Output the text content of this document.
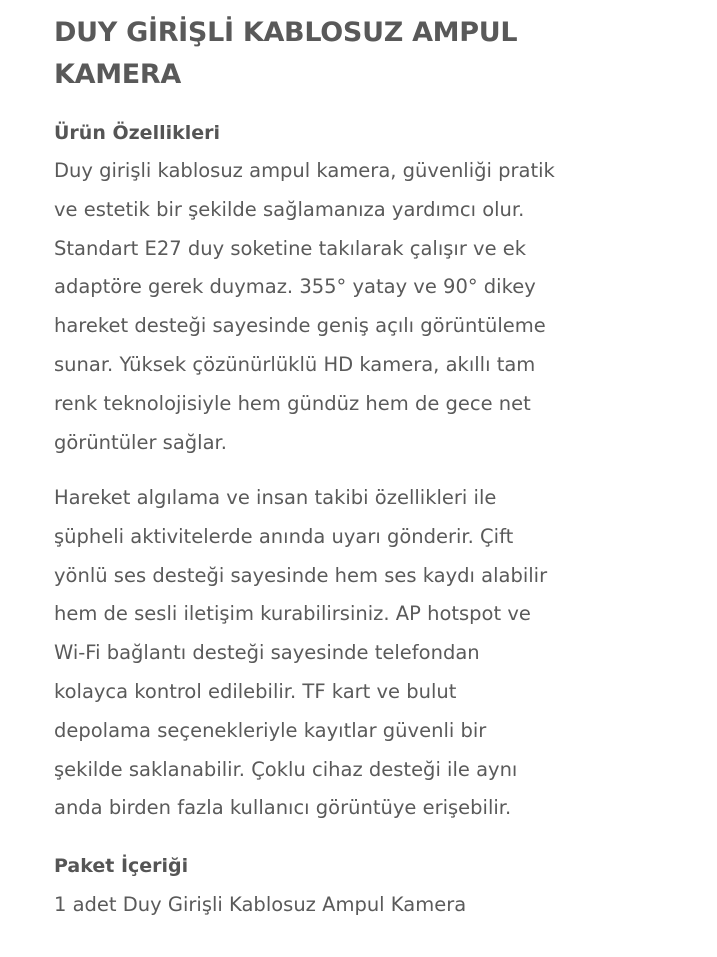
DUY GİRİŞLİ KABLOSUZ AMPUL
KAMERA
Ürün Özellikleri
Duy girişli kablosuz ampul kamera, güvenliği pratik
ve estetik bir şekilde sağlamanıza yardımcı olur.
Standart E27 duy soketine takılarak çalışır ve ek
adaptöre gerek duymaz. 355° yatay ve 90° dikey
hareket desteği sayesinde geniş açılı görüntüleme
sunar. Yüksek çözünürlüklü HD kamera, akıllı tam
renk teknolojisiyle hem gündüz hem de gece net
görüntüler sağlar.
Hareket algılama ve insan takibi özellikleri ile
şüpheli aktivitelerde anında uyarı gönderir. Çift
yönlü ses desteği sayesinde hem ses kaydı alabilir
hem de sesli iletişim kurabilirsiniz. AP hotspot ve
Wi-Fi bağlantı desteği sayesinde telefondan
kolayca kontrol edilebilir. TF kart ve bulut
depolama seçenekleriyle kayıtlar güvenli bir
şekilde saklanabilir. Çoklu cihaz desteği ile aynı
anda birden fazla kullanıcı görüntüye erişebilir.
Paket İçeriği
1 adet Duy Girişli Kablosuz Ampul Kamera
